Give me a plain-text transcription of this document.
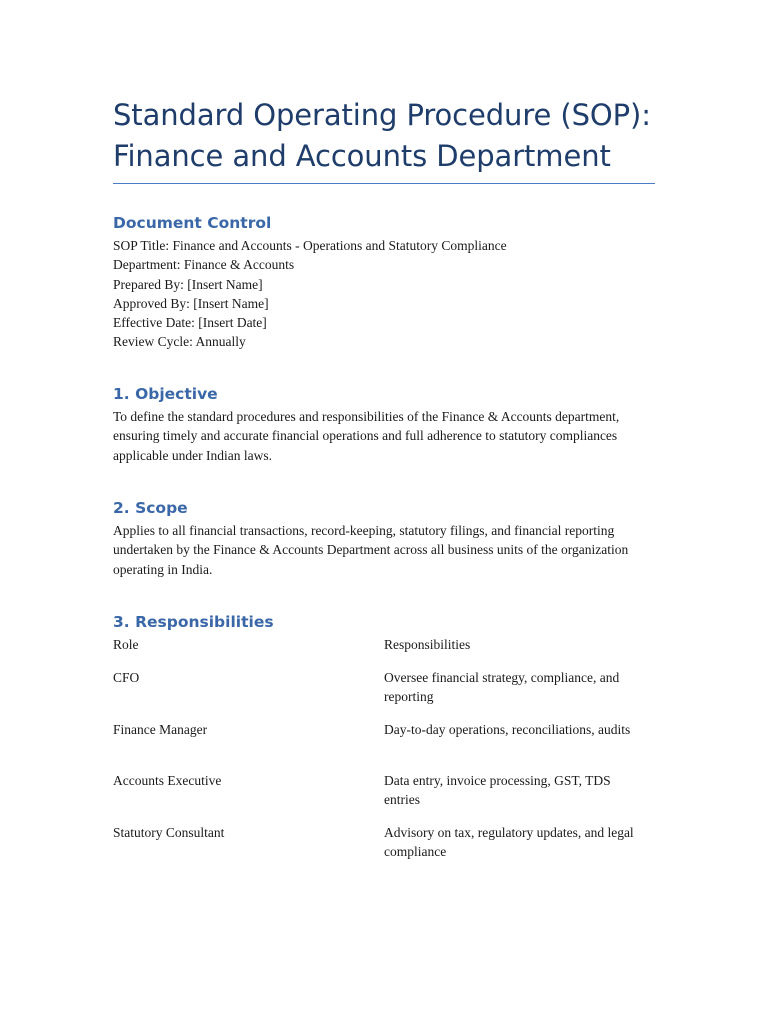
Standard Operating Procedure (SOP):
Finance and Accounts Department
Document Control

SOP Title: Finance and Accounts - Operations and Statutory Compliance

Department: Finance & Accounts

Prepared By: [Insert Name]

Approved By: [Insert Name]

Effective Date: [Insert Date]

Review Cycle: Annually

1. Objective

To define the standard procedures and responsibilities of the Finance & Accounts department, ensuring timely and accurate financial operations and full adherence to statutory compliances applicable under Indian laws.

2. Scope

Applies to all financial transactions, record-keeping, statutory filings, and financial reporting undertaken by the Finance & Accounts Department across all business units of the organization operating in India.

3. Responsibilities
Role	Responsibilities
CFO	Oversee financial strategy, compliance, and reporting
Finance Manager	Day-to-day operations, reconciliations, audits
Accounts Executive	Data entry, invoice processing, GST, TDS entries
Statutory Consultant	Advisory on tax, regulatory updates, and legal compliance
